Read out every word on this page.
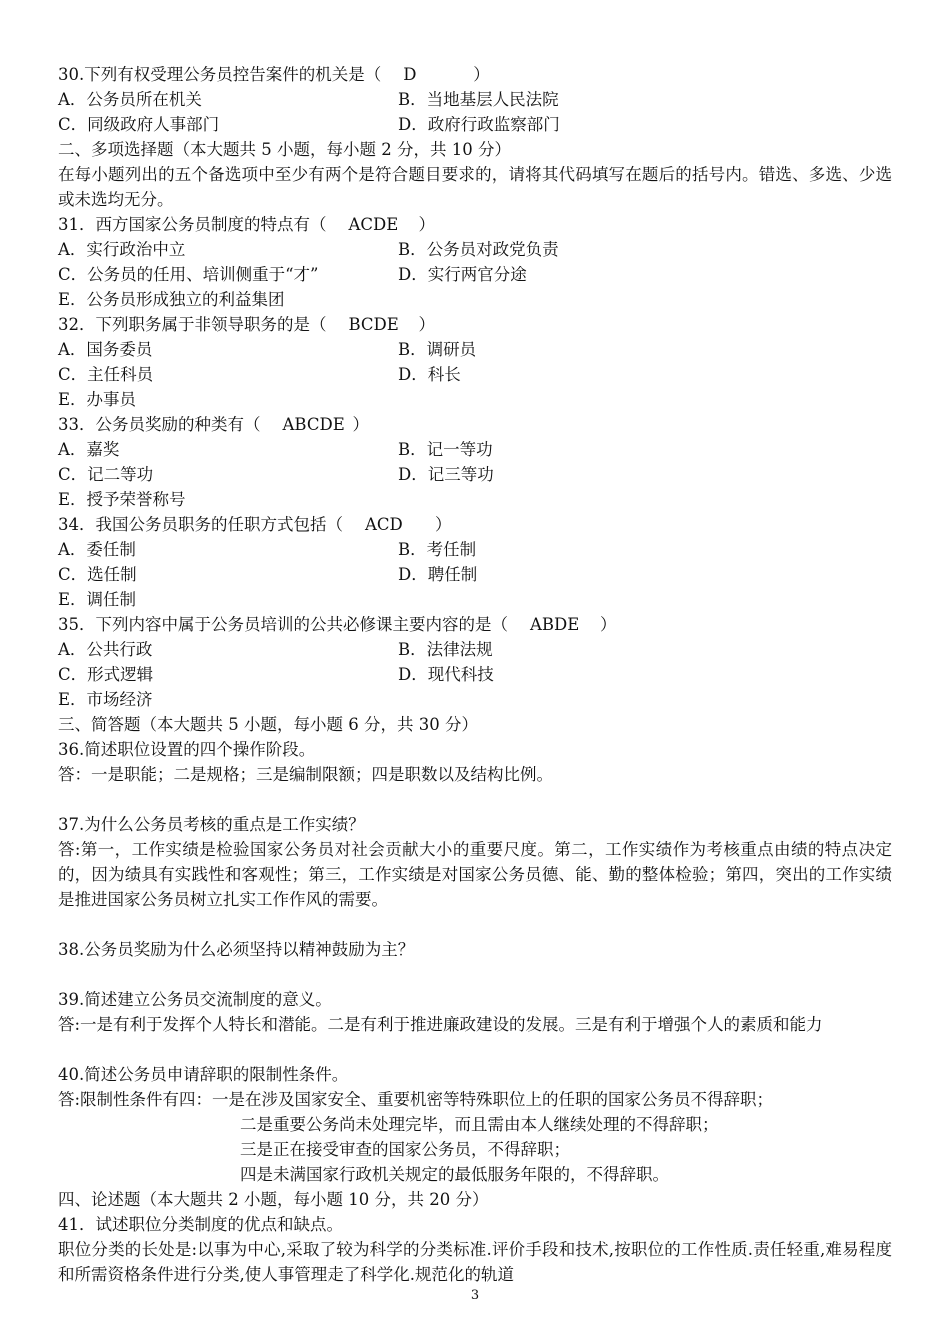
30.下列有权受理公务员控告案件的机关是（ D	）
A．公务员所在机关	B．当地基层人民法院
C．同级政府人事部门	D．政府行政监察部门
二、多项选择题（本大题共 5 小题，每小题 2 分，共 10 分）
在每小题列出的五个备选项中至少有两个是符合题目要求的，请将其代码填写在题后的括号内。错选、多选、少选或未选均无分。
31．西方国家公务员制度的特点有（ ACDE ）
A．实行政治中立	B．公务员对政党负责
C．公务员的任用、培训侧重于“才”	D．实行两官分途
E．公务员形成独立的利益集团
32．下列职务属于非领导职务的是（ BCDE ）
A．国务委员	B．调研员
C．主任科员	D．科长
E．办事员
33．公务员奖励的种类有（ ABCDE ）
A．嘉奖	B．记一等功
C．记二等功	D．记三等功
E．授予荣誉称号
34．我国公务员职务的任职方式包括（ ACD ）
A．委任制	B．考任制
C．选任制	D．聘任制
E．调任制
35．下列内容中属于公务员培训的公共必修课主要内容的是（ ABDE ）
A．公共行政	B．法律法规
C．形式逻辑	D．现代科技
E．市场经济
三、简答题（本大题共 5 小题，每小题 6 分，共 30 分）
36.简述职位设置的四个操作阶段。
答：一是职能；二是规格；三是编制限额；四是职数以及结构比例。
37.为什么公务员考核的重点是工作实绩？
答:第一，工作实绩是检验国家公务员对社会贡献大小的重要尺度。第二，工作实绩作为考核重点由绩的特点决定的，因为绩具有实践性和客观性；第三，工作实绩是对国家公务员德、能、勤的整体检验；第四，突出的工作实绩是推进国家公务员树立扎实工作作风的需要。
38.公务员奖励为什么必须坚持以精神鼓励为主？
39.简述建立公务员交流制度的意义。
答:一是有利于发挥个人特长和潜能。二是有利于推进廉政建设的发展。三是有利于增强个人的素质和能力
40.简述公务员申请辞职的限制性条件。
答:限制性条件有四：一是在涉及国家安全、重要机密等特殊职位上的任职的国家公务员不得辞职；
二是重要公务尚未处理完毕，而且需由本人继续处理的不得辞职；
三是正在接受审查的国家公务员，不得辞职；
四是未满国家行政机关规定的最低服务年限的，不得辞职。
四、论述题（本大题共 2 小题，每小题 10 分，共 20 分）
41．试述职位分类制度的优点和缺点。
职位分类的长处是:以事为中心,采取了较为科学的分类标准.评价手段和技术,按职位的工作性质.责任轻重,难易程度和所需资格条件进行分类,使人事管理走了科学化.规范化的轨道
3
